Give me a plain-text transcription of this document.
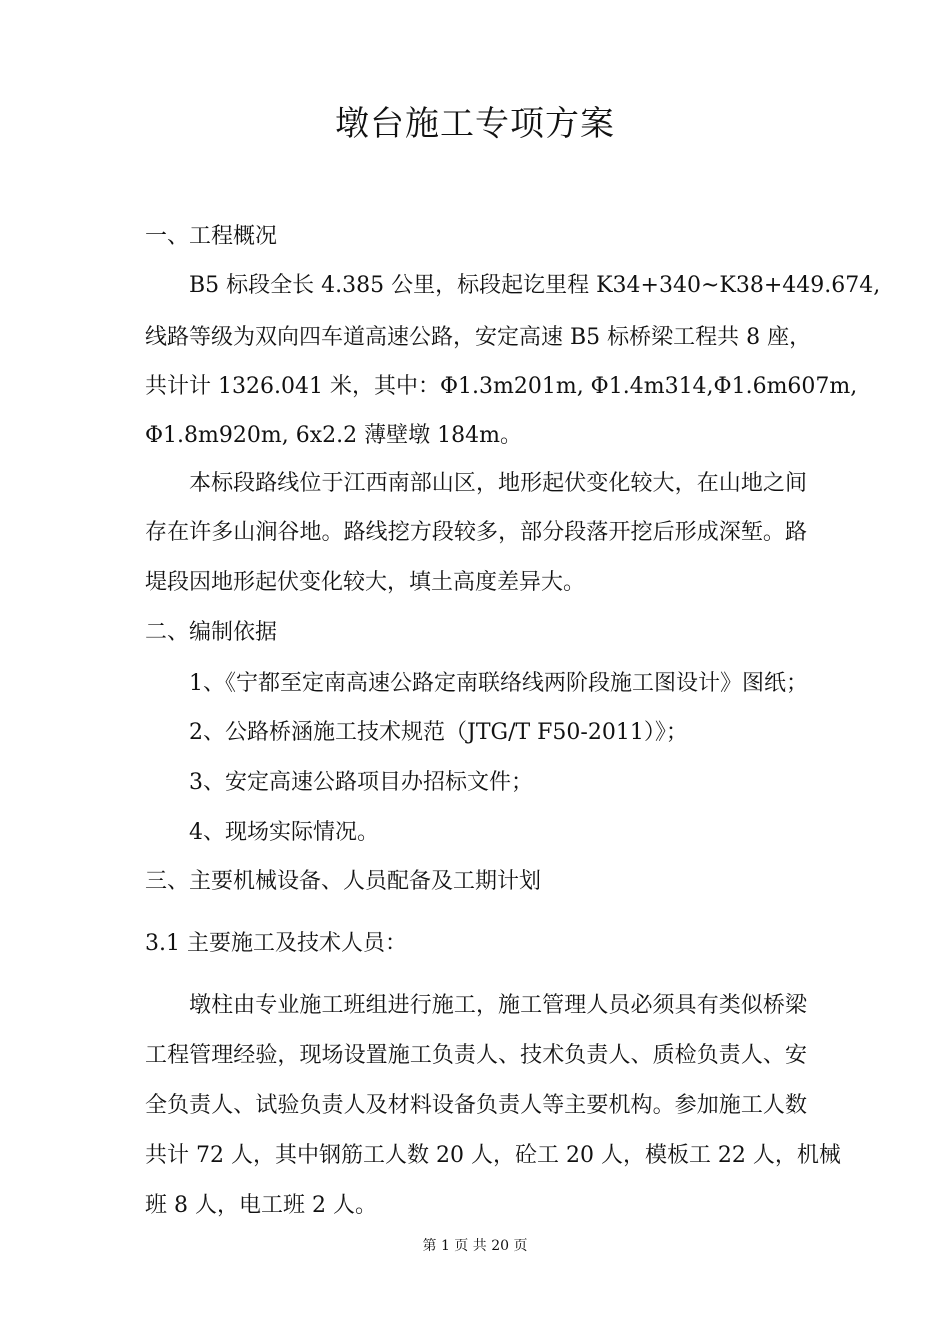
墩台施工专项方案
一、工程概况
B5 标段全长 4.385 公里，标段起讫里程 K34+340~K38+449.674,
线路等级为双向四车道高速公路，安定高速 B5 标桥梁工程共 8 座，
共计计 1326.041 米，其中：Φ1.3m201m, Φ1.4m314,Φ1.6m607m,
Φ1.8m920m, 6x2.2 薄壁墩 184m。
本标段路线位于江西南部山区，地形起伏变化较大，在山地之间
存在许多山涧谷地。路线挖方段较多，部分段落开挖后形成深堑。路
堤段因地形起伏变化较大，填土高度差异大。
二、编制依据
1、《宁都至定南高速公路定南联络线两阶段施工图设计》图纸；
2、公路桥涵施工技术规范（JTG/T F50-2011）》；
3、安定高速公路项目办招标文件；
4、现场实际情况。
三、主要机械设备、人员配备及工期计划
3.1 主要施工及技术人员：
墩柱由专业施工班组进行施工，施工管理人员必须具有类似桥梁
工程管理经验，现场设置施工负责人、技术负责人、质检负责人、安
全负责人、试验负责人及材料设备负责人等主要机构。参加施工人数
共计 72 人，其中钢筋工人数 20 人，砼工 20 人，模板工 22 人，机械
班 8 人，电工班 2 人。
第 1 页 共 20 页
